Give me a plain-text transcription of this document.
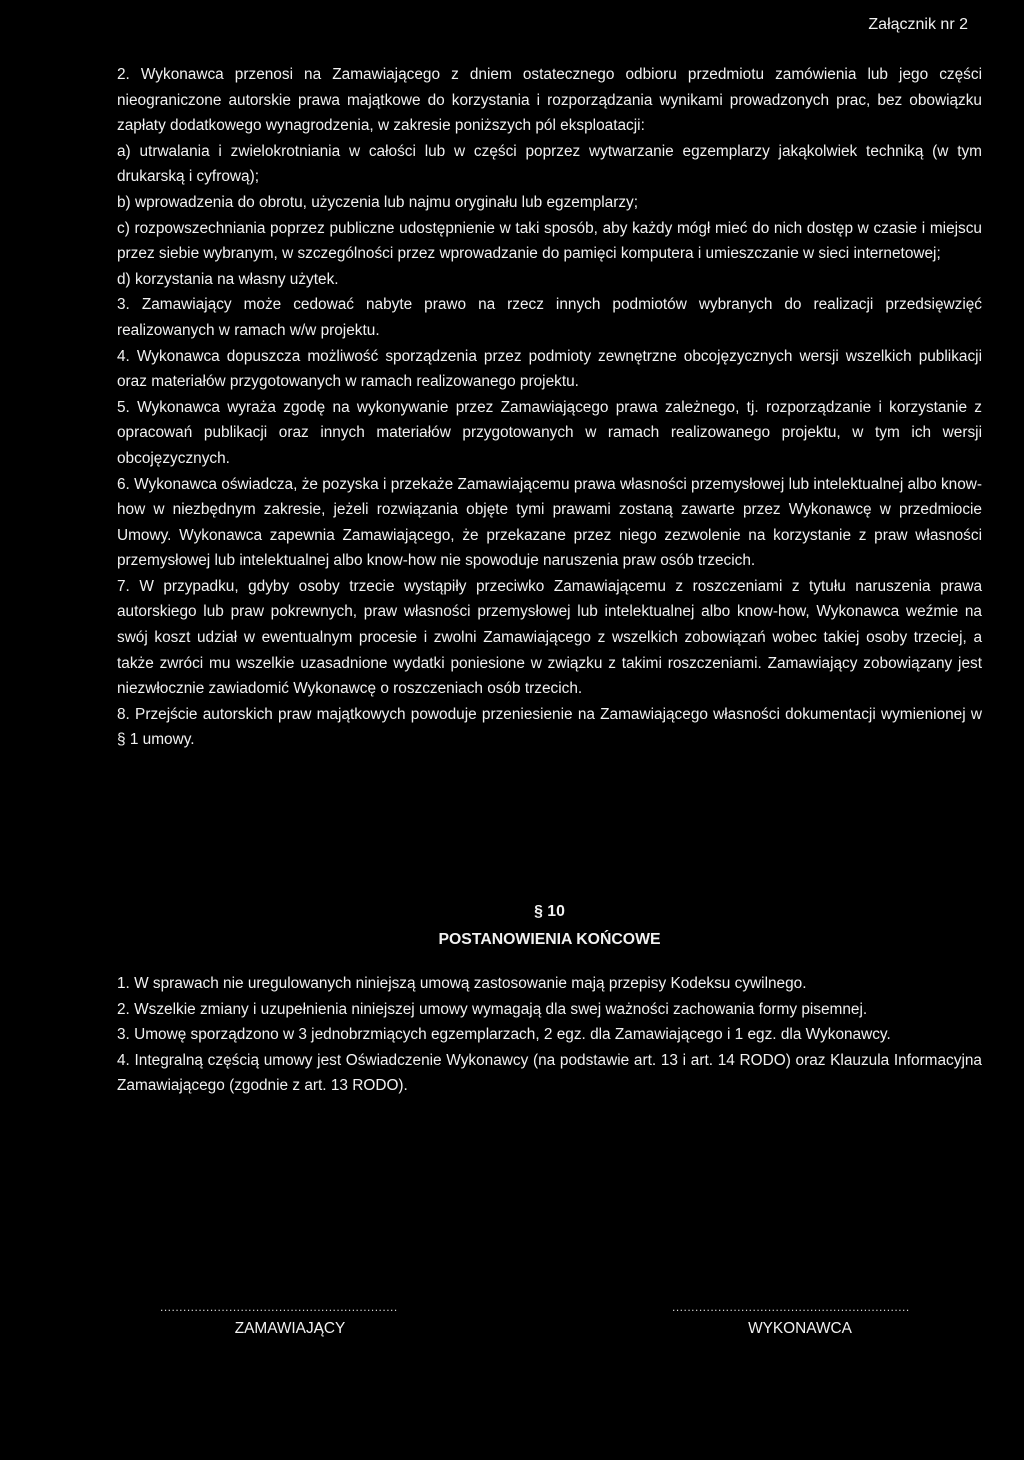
Załącznik nr 2

2. Wykonawca przenosi na Zamawiającego z dniem ostatecznego odbioru przedmiotu zamówienia lub jego części nieograniczone autorskie prawa majątkowe do korzystania i rozporządzania wynikami prowadzonych prac, bez obowiązku zapłaty dodatkowego wynagrodzenia, w zakresie poniższych pól eksploatacji:

a) utrwalania i zwielokrotniania w całości lub w części poprzez wytwarzanie egzemplarzy jakąkolwiek techniką (w tym drukarską i cyfrową);

b) wprowadzenia do obrotu, użyczenia lub najmu oryginału lub egzemplarzy;

c) rozpowszechniania poprzez publiczne udostępnienie w taki sposób, aby każdy mógł mieć do nich dostęp w czasie i miejscu przez siebie wybranym, w szczególności przez wprowadzanie do pamięci komputera i umieszczanie w sieci internetowej;

d) korzystania na własny użytek.

3. Zamawiający może cedować nabyte prawo na rzecz innych podmiotów wybranych do realizacji przedsięwzięć realizowanych w ramach w/w projektu.

4. Wykonawca dopuszcza możliwość sporządzenia przez podmioty zewnętrzne obcojęzycznych wersji wszelkich publikacji oraz materiałów przygotowanych w ramach realizowanego projektu.

5. Wykonawca wyraża zgodę na wykonywanie przez Zamawiającego prawa zależnego, tj. rozporządzanie i korzystanie z opracowań publikacji oraz innych materiałów przygotowanych w ramach realizowanego projektu, w tym ich wersji obcojęzycznych.

6. Wykonawca oświadcza, że pozyska i przekaże Zamawiającemu prawa własności przemysłowej lub intelektualnej albo know-how w niezbędnym zakresie, jeżeli rozwiązania objęte tymi prawami zostaną zawarte przez Wykonawcę w przedmiocie Umowy. Wykonawca zapewnia Zamawiającego, że przekazane przez niego zezwolenie na korzystanie z praw własności przemysłowej lub intelektualnej albo know-how nie spowoduje naruszenia praw osób trzecich.

7. W przypadku, gdyby osoby trzecie wystąpiły przeciwko Zamawiającemu z roszczeniami z tytułu naruszenia prawa autorskiego lub praw pokrewnych, praw własności przemysłowej lub intelektualnej albo know-how, Wykonawca weźmie na swój koszt udział w ewentualnym procesie i zwolni Zamawiającego z wszelkich zobowiązań wobec takiej osoby trzeciej, a także zwróci mu wszelkie uzasadnione wydatki poniesione w związku z takimi roszczeniami. Zamawiający zobowiązany jest niezwłocznie zawiadomić Wykonawcę o roszczeniach osób trzecich.

8. Przejście autorskich praw majątkowych powoduje przeniesienie na Zamawiającego własności dokumentacji wymienionej w § 1 umowy.

§ 10
POSTANOWIENIA KOŃCOWE

1. W sprawach nie uregulowanych niniejszą umową zastosowanie mają przepisy Kodeksu cywilnego.

2. Wszelkie zmiany i uzupełnienia niniejszej umowy wymagają dla swej ważności zachowania formy pisemnej.

3. Umowę sporządzono w 3 jednobrzmiących egzemplarzach, 2 egz. dla Zamawiającego i 1 egz. dla Wykonawcy.

4. Integralną częścią umowy jest Oświadczenie Wykonawcy (na podstawie art. 13 i art. 14 RODO) oraz Klauzula Informacyjna Zamawiającego (zgodnie z art. 13 RODO).

..............................................................	..............................................................
ZAMAWIAJĄCY	WYKONAWCA
